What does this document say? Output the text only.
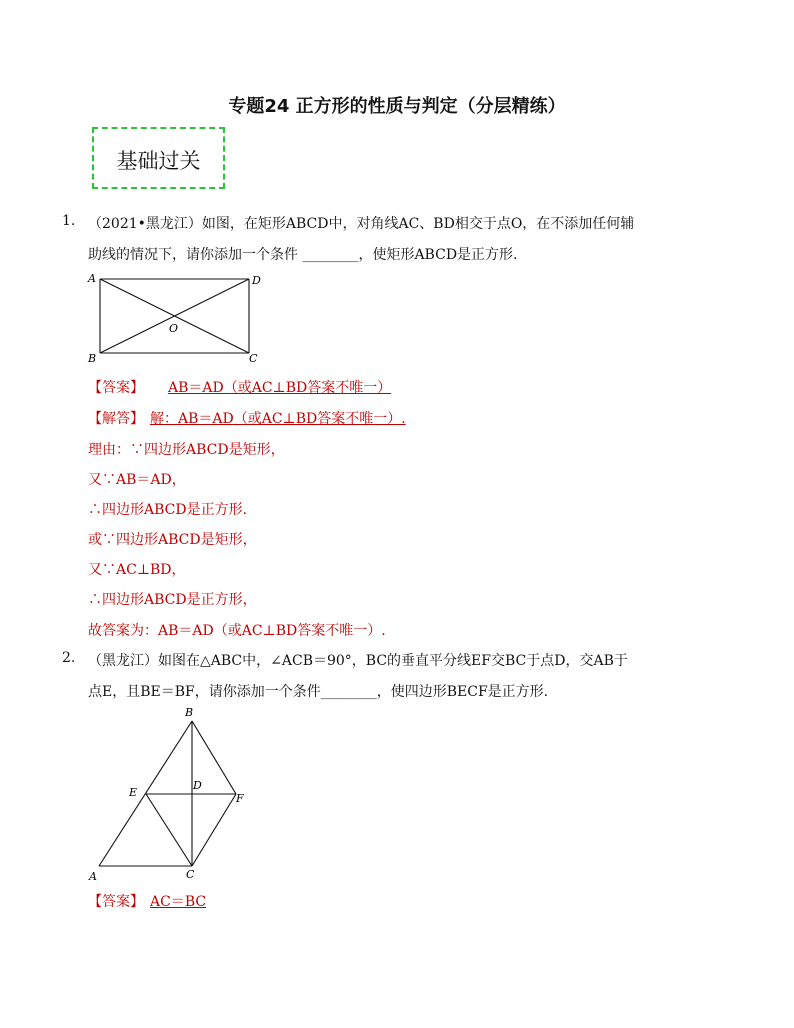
专题24 正方形的性质与判定（分层精练）
基础过关
1. （2021•黑龙江）如图，在矩形ABCD中，对角线AC、BD相交于点O，在不添加任何辅
助线的情况下，请你添加一个条件 ________，使矩形ABCD是正方形.
A	D
B	C
O
【答案】 AB＝AD（或AC⊥BD答案不唯一）
【解答】 解：AB＝AD（或AC⊥BD答案不唯一）.
理由：∵四边形ABCD是矩形，
又∵AB＝AD，
∴四边形ABCD是正方形.
或∵四边形ABCD是矩形，
又∵AC⊥BD，
∴四边形ABCD是正方形，
故答案为：AB＝AD（或AC⊥BD答案不唯一）.
2. （黑龙江）如图在△ABC中，∠ACB＝90°，BC的垂直平分线EF交BC于点D，交AB于
点E，且BE＝BF，请你添加一个条件________，使四边形BECF是正方形.
B
E
D
F
A	C
【答案】 AC＝BC
